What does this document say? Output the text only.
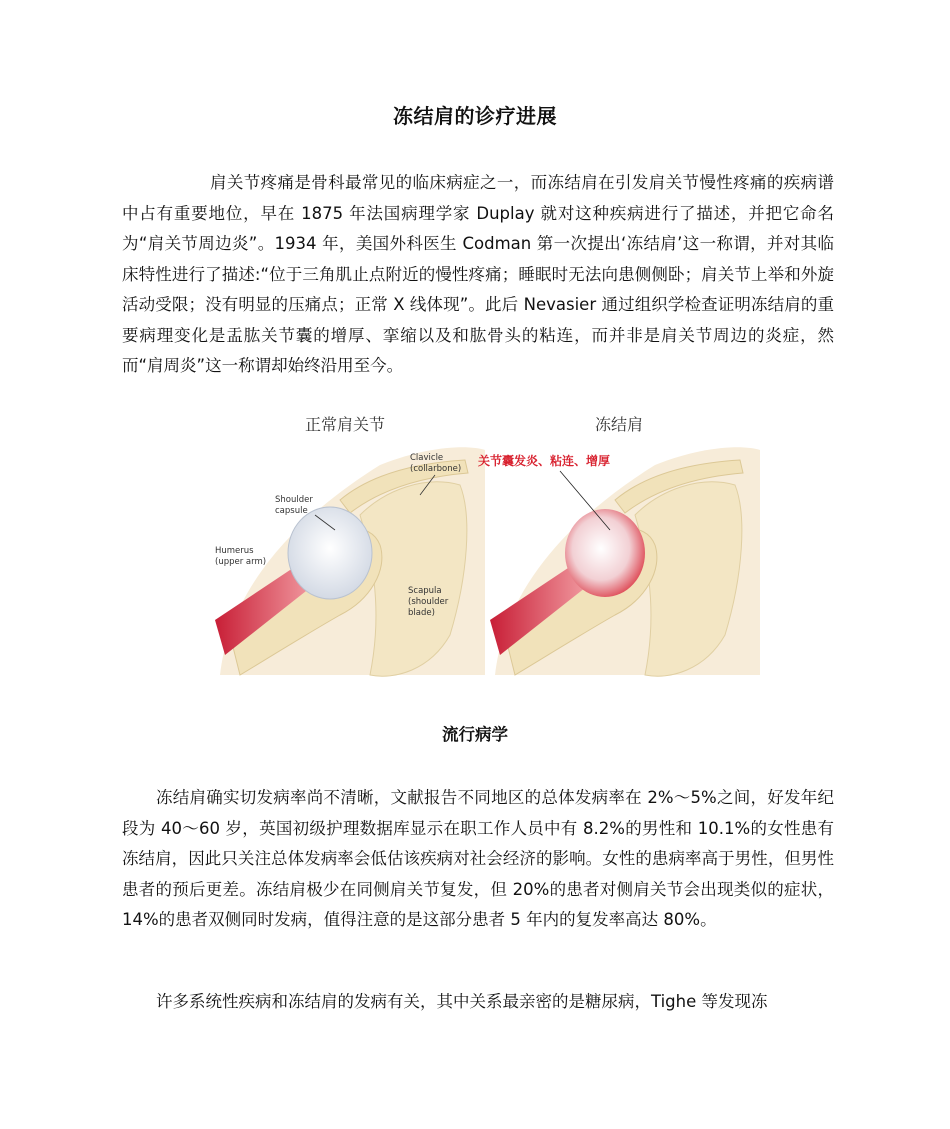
冻结肩的诊疗进展
肩关节疼痛是骨科最常见的临床病症之一，而冻结肩在引发肩关节慢性疼痛的疾病谱中占有重要地位，早在 1875 年法国病理学家 Duplay 就对这种疾病进行了描述，并把它命名为“肩关节周边炎”。1934 年，美国外科医生 Codman 第一次提出‘冻结肩’这一称谓，并对其临床特性进行了描述:“位于三角肌止点附近的慢性疼痛；睡眠时无法向患侧侧卧；肩关节上举和外旋活动受限；没有明显的压痛点；正常 X 线体现”。此后 Nevasier 通过组织学检查证明冻结肩的重要病理变化是盂肱关节囊的增厚、挛缩以及和肱骨头的粘连，而并非是肩关节周边的炎症，然而“肩周炎”这一称谓却始终沿用至今。
正常肩关节
Clavicle
(collarbone)
Shoulder
capsule
Humerus
(upper arm)
Scapula
(shoulder
blade)
冻结肩
关节囊发炎、粘连、增厚
流行病学
冻结肩确实切发病率尚不清晰，文献报告不同地区的总体发病率在 2%～5%之间，好发年纪段为 40～60 岁，英国初级护理数据库显示在职工作人员中有 8.2%的男性和 10.1%的女性患有冻结肩，因此只关注总体发病率会低估该疾病对社会经济的影响。女性的患病率高于男性，但男性患者的预后更差。冻结肩极少在同侧肩关节复发，但 20%的患者对侧肩关节会出现类似的症状，14%的患者双侧同时发病，值得注意的是这部分患者 5 年内的复发率高达 80%。
许多系统性疾病和冻结肩的发病有关，其中关系最亲密的是糖尿病，Tighe 等发现冻
